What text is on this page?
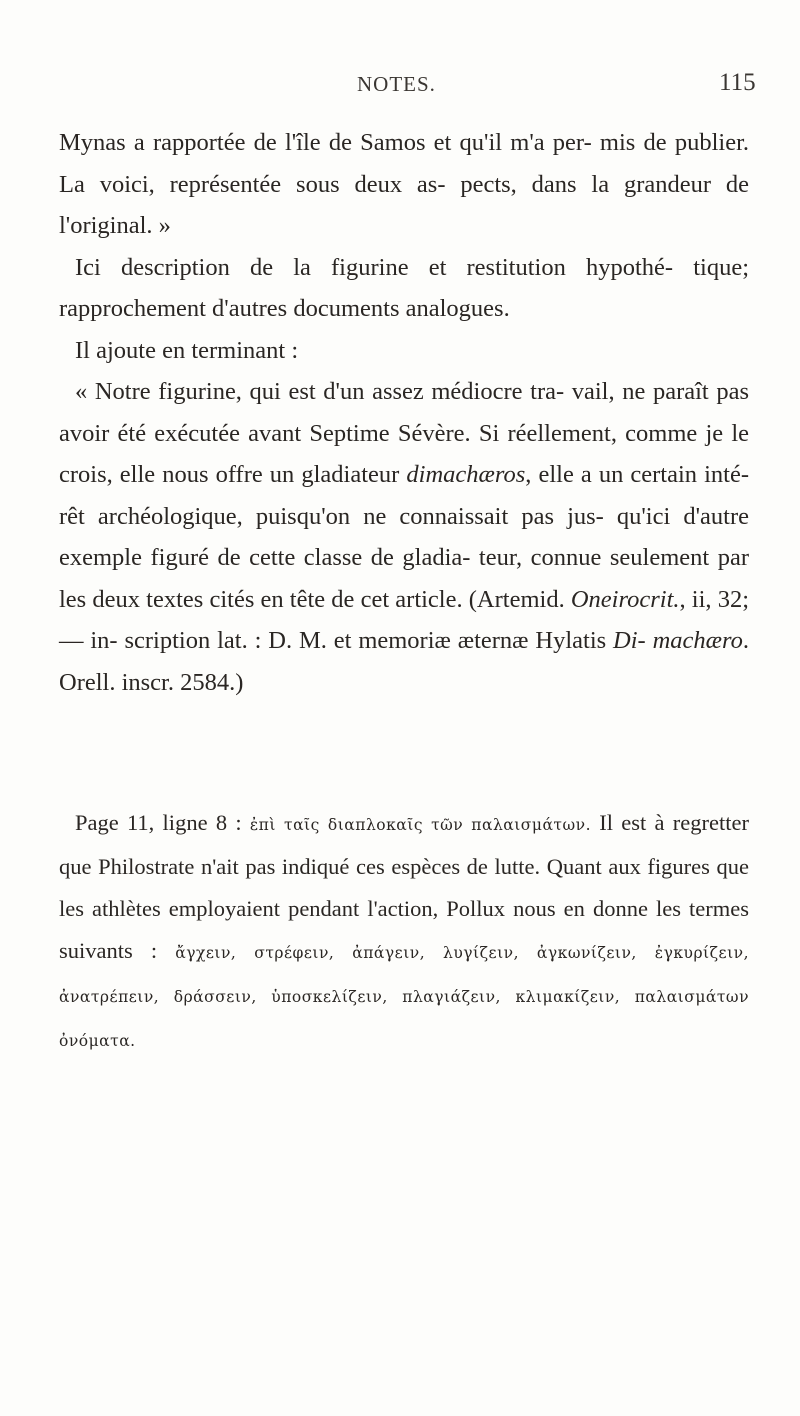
NOTES.	115

Mynas a rapportée de l'île de Samos et qu'il m'a per- mis de publier. La voici, représentée sous deux as- pects, dans la grandeur de l'original. »

Ici description de la figurine et restitution hypothé- tique; rapprochement d'autres documents analogues.

Il ajoute en terminant :

« Notre figurine, qui est d'un assez médiocre tra- vail, ne paraît pas avoir été exécutée avant Septime Sévère. Si réellement, comme je le crois, elle nous offre un gladiateur dimachæros, elle a un certain inté- rêt archéologique, puisqu'on ne connaissait pas jus- qu'ici d'autre exemple figuré de cette classe de gladia- teur, connue seulement par les deux textes cités en tête de cet article. (Artemid. Oneirocrit., ii, 32; — in- scription lat. : D. M. et memoriæ æternæ Hylatis Di- machæro. Orell. inscr. 2584.)

Page 11, ligne 8 : ἐπὶ ταῖς διαπλοκαῖς τῶν παλαισμάτων. Il est à regretter que Philostrate n'ait pas indiqué ces espèces de lutte. Quant aux figures que les athlètes employaient pendant l'action, Pollux nous en donne les termes suivants : ἄγχειν, στρέφειν, ἀπάγειν, λυγίζειν, ἀγκωνίζειν, ἐγκυρίζειν, ἀνατρέπειν, δράσσειν, ὑποσκελίζειν, πλαγιάζειν, κλιμακίζειν, παλαισμάτων ὀνόματα.
